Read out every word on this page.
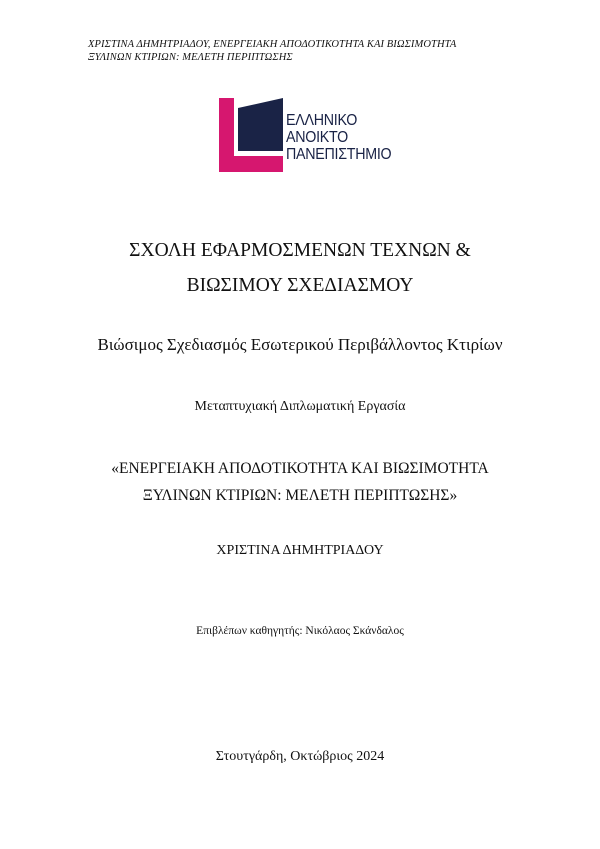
ΧΡΙΣΤΙΝΑ ΔΗΜΗΤΡΙΑΔΟΥ, ΕΝΕΡΓΕΙΑΚΗ ΑΠΟΔΟΤΙΚΟΤΗΤΑ ΚΑΙ ΒΙΩΣΙΜΟΤΗΤΑ
ΞΥΛΙΝΩΝ ΚΤΙΡΙΩΝ: ΜΕΛΕΤΗ ΠΕΡΙΠΤΩΣΗΣ
ΕΛΛΗΝΙΚΟ
ΑΝΟΙΚΤΟ
ΠΑΝΕΠΙΣΤΗΜΙΟ
ΣΧΟΛΗ ΕΦΑΡΜΟΣΜΕΝΩΝ ΤΕΧΝΩΝ &
ΒΙΩΣΙΜΟΥ ΣΧΕΔΙΑΣΜΟΥ
Βιώσιμος Σχεδιασμός Εσωτερικού Περιβάλλοντος Κτιρίων
Μεταπτυχιακή Διπλωματική Εργασία
«ΕΝΕΡΓΕΙΑΚΗ ΑΠΟΔΟΤΙΚΟΤΗΤΑ ΚΑΙ ΒΙΩΣΙΜΟΤΗΤΑ
ΞΥΛΙΝΩΝ ΚΤΙΡΙΩΝ: ΜΕΛΕΤΗ ΠΕΡΙΠΤΩΣΗΣ»
ΧΡΙΣΤΙΝΑ ΔΗΜΗΤΡΙΑΔΟΥ
Επιβλέπων καθηγητής: Νικόλαος Σκάνδαλος
Στουτγάρδη, Οκτώβριος 2024
